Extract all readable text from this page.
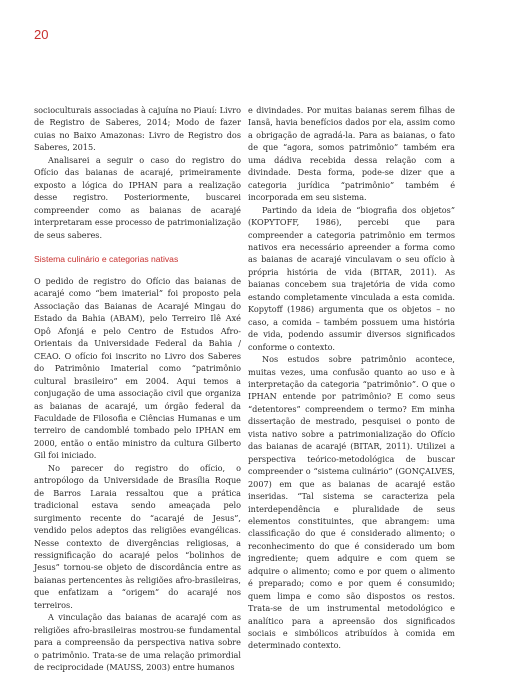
20

socioculturais associadas à cajuína no Piauí: Livro de Registro de Saberes, 2014; Modo de fazer cuias no Baixo Amazonas: Livro de Registro dos Saberes, 2015.

Analisarei a seguir o caso do registro do Ofício das baianas de acarajé, primeiramente exposto a lógica do IPHAN para a realização desse registro. Posteriormente, buscarei compreender como as baianas de acarajé interpretaram esse processo de patrimonialização de seus saberes.

Sistema culinário e categorias nativas

O pedido de registro do Ofício das baianas de acarajé como “bem imaterial” foi proposto pela Associação das Baianas de Acarajé Mingau do Estado da Bahia (ABAM), pelo Terreiro Ilê Axé Opô Afonjá e pelo Centro de Estudos Afro-Orientais da Universidade Federal da Bahia / CEAO. O ofício foi inscrito no Livro dos Saberes do Patrimônio Imaterial como “patrimônio cultural brasileiro” em 2004. Aqui temos a conjugação de uma associação civil que organiza as baianas de acarajé, um órgão federal da Faculdade de Filosofia e Ciências Humanas e um terreiro de candomblé tombado pelo IPHAN em 2000, então o então ministro da cultura Gilberto Gil foi iniciado.

No parecer do registro do ofício, o antropólogo da Universidade de Brasília Roque de Barros Laraia ressaltou que a prática tradicional estava sendo ameaçada pelo surgimento recente do “acarajé de Jesus”, vendido pelos adeptos das religiões evangélicas. Nesse contexto de divergências religiosas, a ressignificação do acarajé pelos “bolinhos de Jesus” tornou-se objeto de discordância entre as baianas pertencentes às religiões afro-brasileiras, que enfatizam a “origem” do acarajé nos terreiros.

A vinculação das baianas de acarajé com as religiões afro-brasileiras mostrou-se fundamental para a compreensão da perspectiva nativa sobre o patrimônio. Trata-se de uma relação primordial de reciprocidade (MAUSS, 2003) entre humanos

e divindades. Por muitas baianas serem filhas de Iansã, havia benefícios dados por ela, assim como a obrigação de agradá-la. Para as baianas, o fato de que “agora, somos patrimônio” também era uma dádiva recebida dessa relação com a divindade. Desta forma, pode-se dizer que a categoria jurídica “patrimônio” também é incorporada em seu sistema.

Partindo da ideia de “biografia dos objetos” (KOPYTOFF, 1986), percebi que para compreender a categoria patrimônio em termos nativos era necessário apreender a forma como as baianas de acarajé vinculavam o seu ofício à própria história de vida (BITAR, 2011). As baianas concebem sua trajetória de vida como estando completamente vinculada a esta comida. Kopytoff (1986) argumenta que os objetos – no caso, a comida – também possuem uma história de vida, podendo assumir diversos significados conforme o contexto.

Nos estudos sobre patrimônio acontece, muitas vezes, uma confusão quanto ao uso e à interpretação da categoria “patrimônio”. O que o IPHAN entende por patrimônio? E como seus “detentores” compreendem o termo? Em minha dissertação de mestrado, pesquisei o ponto de vista nativo sobre a patrimonialização do Ofício das baianas de acarajé (BITAR, 2011). Utilizei a perspectiva teórico-metodológica de buscar compreender o “sistema culinário” (GONÇALVES, 2007) em que as baianas de acarajé estão inseridas. “Tal sistema se caracteriza pela interdependência e pluralidade de seus elementos constituintes, que abrangem: uma classificação do que é considerado alimento; o reconhecimento do que é considerado um bom ingrediente; quem adquire e com quem se adquire o alimento; como e por quem o alimento é preparado; como e por quem é consumido; quem limpa e como são dispostos os restos. Trata-se de um instrumental metodológico e analítico para a apreensão dos significados sociais e simbólicos atribuídos à comida em determinado contexto.
